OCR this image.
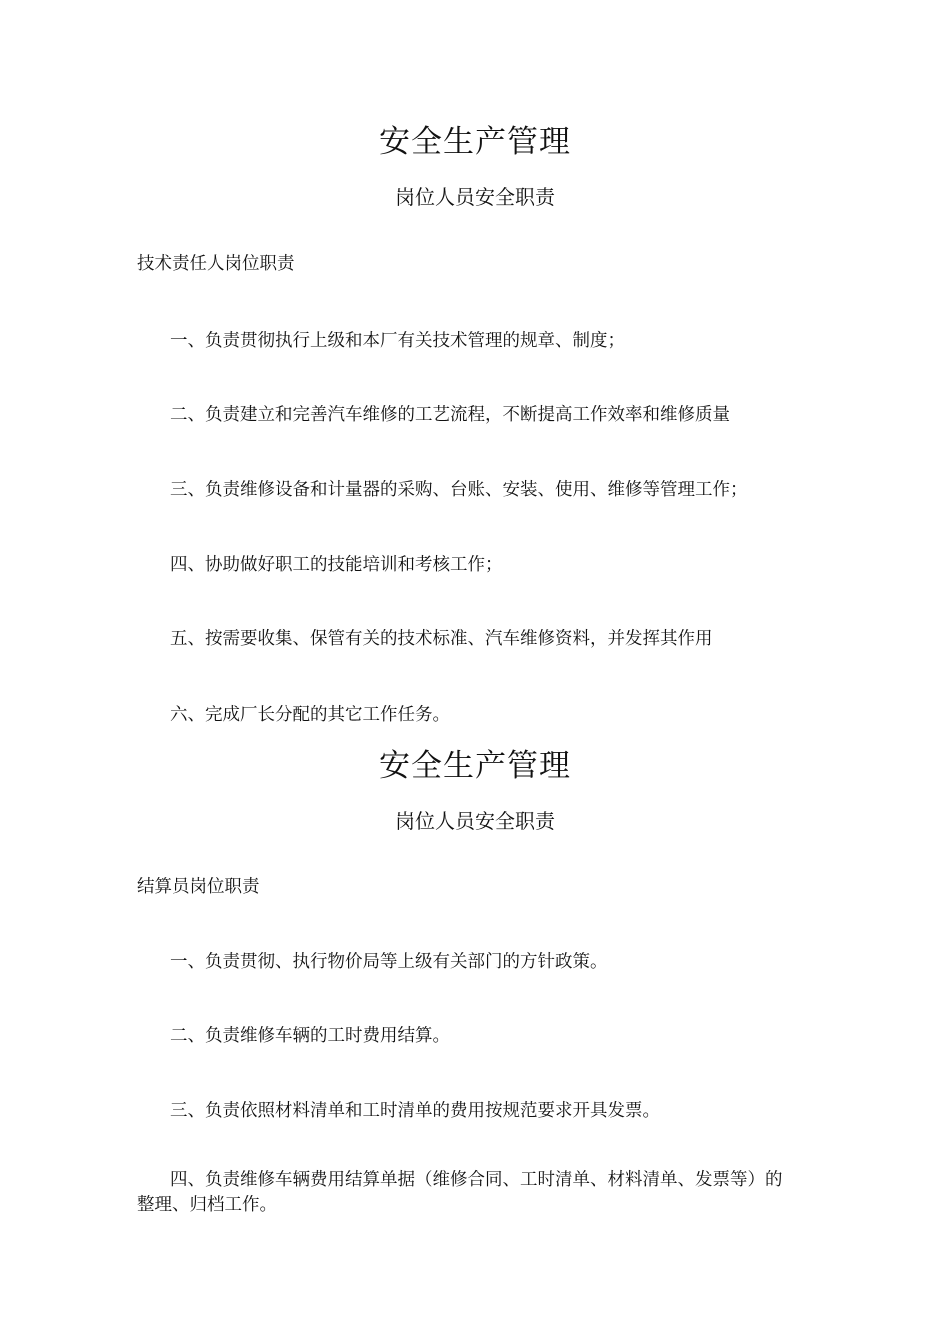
安全生产管理
岗位人员安全职责
技术责任人岗位职责
一、负责贯彻执行上级和本厂有关技术管理的规章、制度；
二、负责建立和完善汽车维修的工艺流程，不断提高工作效率和维修质量
三、负责维修设备和计量器的采购、台账、安装、使用、维修等管理工作；
四、协助做好职工的技能培训和考核工作；
五、按需要收集、保管有关的技术标准、汽车维修资料，并发挥其作用
六、完成厂长分配的其它工作任务。
安全生产管理
岗位人员安全职责
结算员岗位职责
一、负责贯彻、执行物价局等上级有关部门的方针政策。
二、负责维修车辆的工时费用结算。
三、负责依照材料清单和工时清单的费用按规范要求开具发票。
四、负责维修车辆费用结算单据（维修合同、工时清单、材料清单、发票等）的整理、归档工作。
